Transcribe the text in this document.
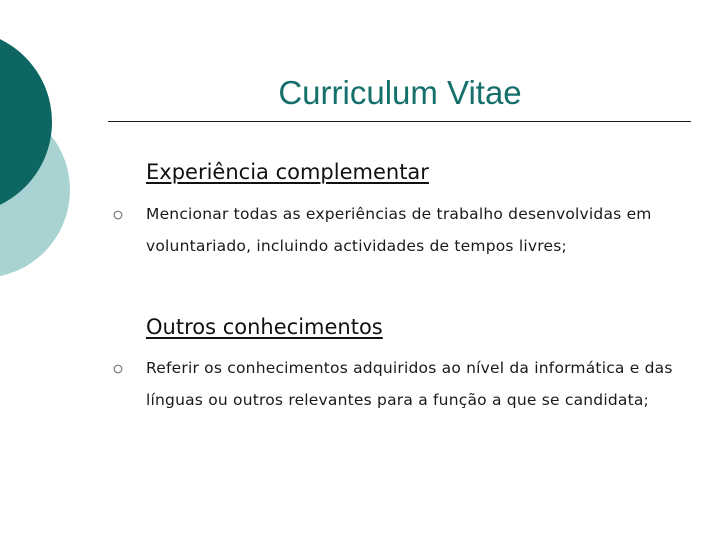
Curriculum Vitae
Experiência complementar
Mencionar todas as experiências de trabalho desenvolvidas em voluntariado, incluindo actividades de tempos livres;
Outros conhecimentos
Referir os conhecimentos adquiridos ao nível da informática e das línguas ou outros relevantes para a função a que se candidata;
